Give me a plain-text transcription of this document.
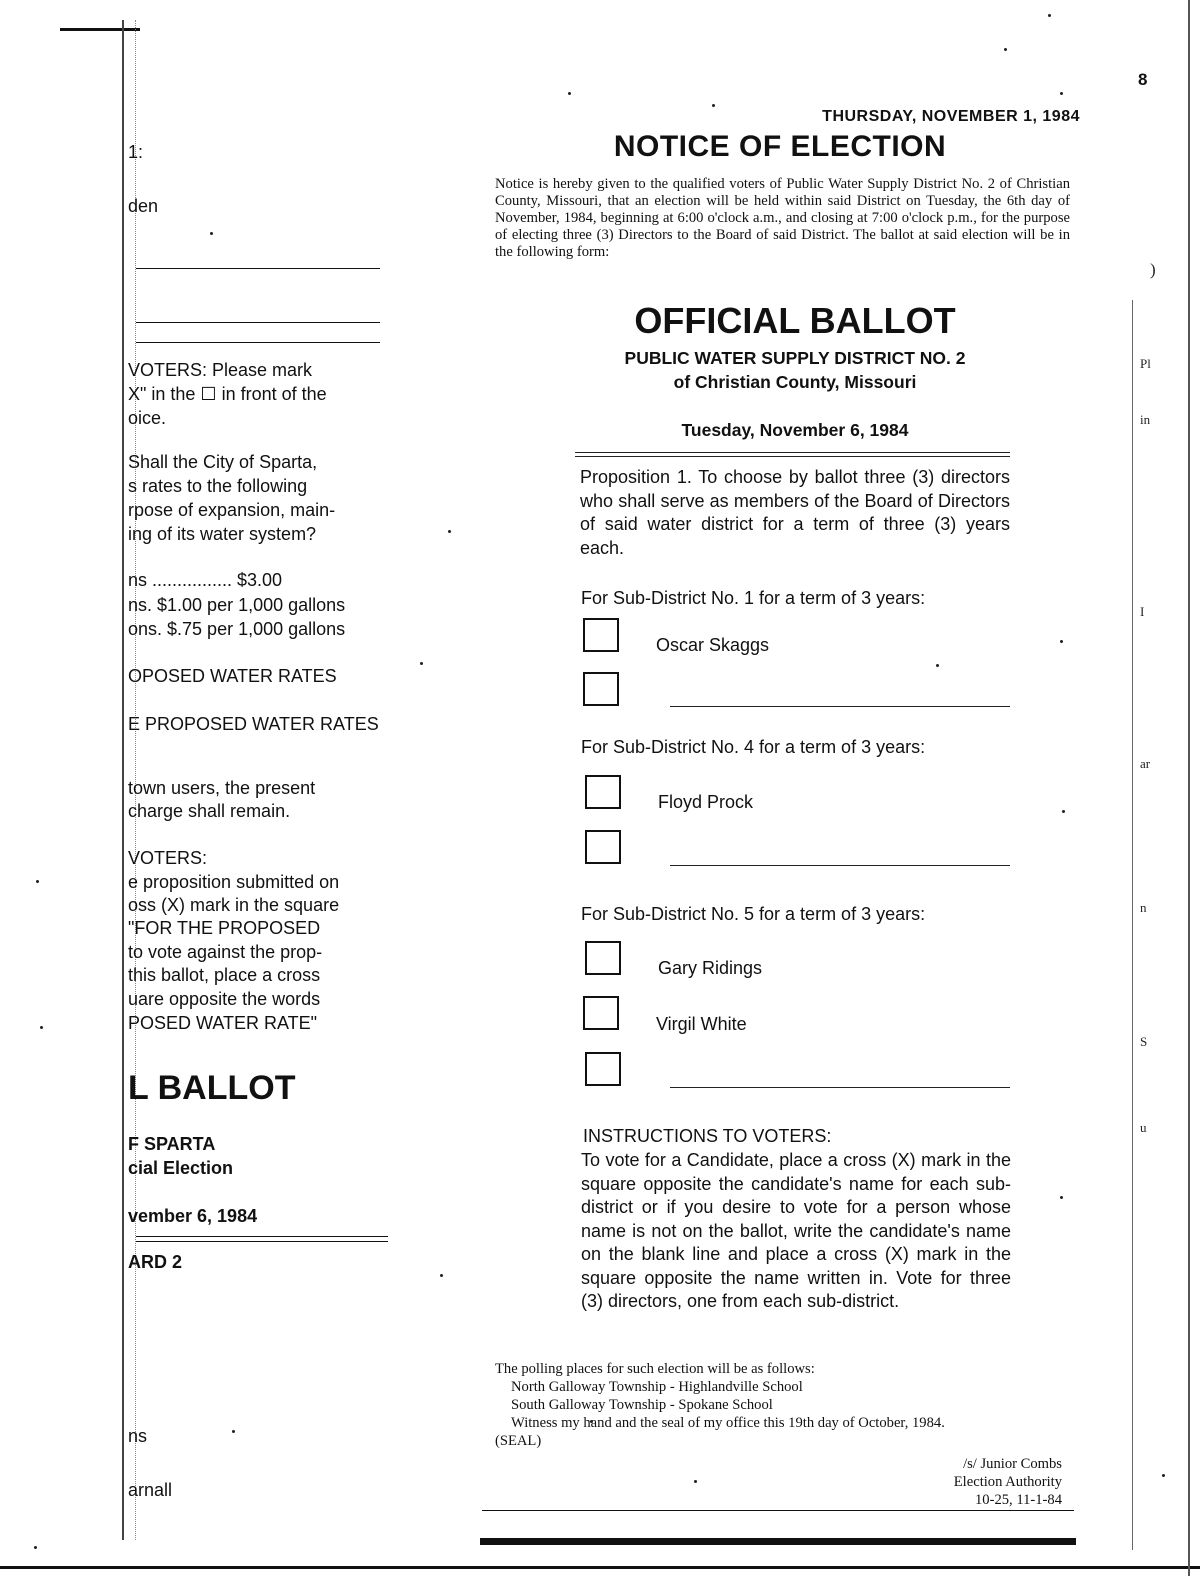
8
1:
den
VOTERS: Please mark
X" in the ☐ in front of the
oice.
Shall the City of Sparta,
s rates to the following
rpose of expansion, main-
ing of its water system?
ns ................ $3.00
ns. $1.00 per 1,000 gallons
ons. $.75 per 1,000 gallons
OPOSED WATER RATES
E PROPOSED WATER RATES
town users, the present
charge shall remain.
VOTERS:
e proposition submitted on
oss (X) mark in the square
"FOR THE PROPOSED
to vote against the prop-
this ballot, place a cross
uare opposite the words
POSED WATER RATE"
L BALLOT
F SPARTA
cial Election
vember 6, 1984
ARD 2
ns
arnall
)
Pl
in
I
ar
n
u
S
THURSDAY, NOVEMBER 1, 1984
NOTICE OF ELECTION
Notice is hereby given to the qualified voters of Public Water Supply District No. 2 of Christian County, Missouri, that an election will be held within said District on Tuesday, the 6th day of November, 1984, beginning at 6:00 o'clock a.m., and closing at 7:00 o'clock p.m., for the purpose of electing three (3) Directors to the Board of said District. The ballot at said election will be in the following form:
OFFICIAL BALLOT
PUBLIC WATER SUPPLY DISTRICT NO. 2
of Christian County, Missouri
Tuesday, November 6, 1984
Proposition 1. To choose by ballot three (3) directors who shall serve as members of the Board of Directors of said water district for a term of three (3) years each.
For Sub-District No. 1 for a term of 3 years:
Oscar Skaggs
For Sub-District No. 4 for a term of 3 years:
Floyd Prock
For Sub-District No. 5 for a term of 3 years:
Gary Ridings
Virgil White
INSTRUCTIONS TO VOTERS:
To vote for a Candidate, place a cross (X) mark in the square opposite the candidate's name for each sub-district or if you desire to vote for a person whose name is not on the ballot, write the candidate's name on the blank line and place a cross (X) mark in the square opposite the name written in. Vote for three (3) directors, one from each sub-district.
The polling places for such election will be as follows:
North Galloway Township - Highlandville School
South Galloway Township - Spokane School
Witness my hand and the seal of my office this 19th day of October, 1984.
(SEAL)
/s/ Junior Combs
Election Authority
10-25, 11-1-84
